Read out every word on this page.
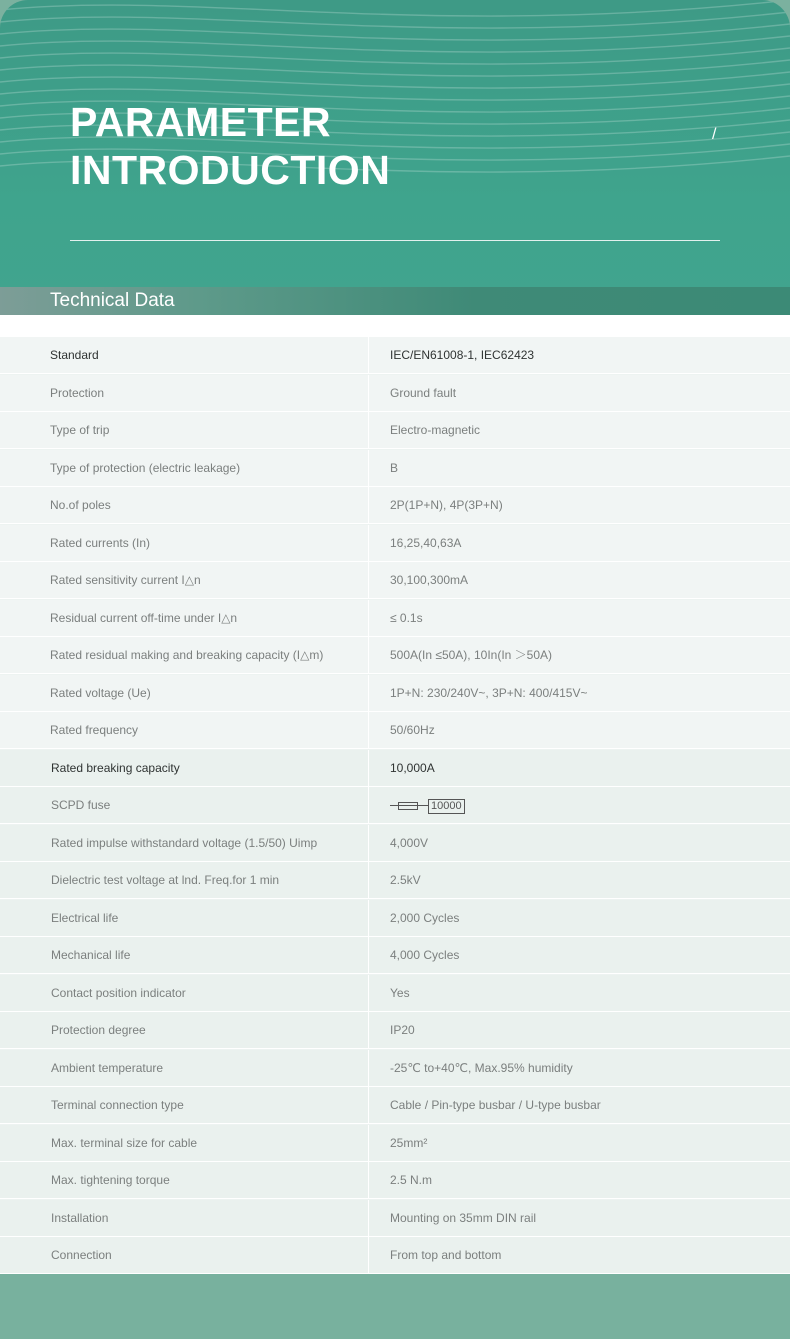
PARAMETER
INTRODUCTION
/
Technical Data
Standard	IEC/EN61008-1, IEC62423
Protection	Ground fault
Type of trip	Electro-magnetic
Type of protection (electric leakage)	B
No.of poles	2P(1P+N), 4P(3P+N)
Rated currents (In)	16,25,40,63A
Rated sensitivity current I△n	30,100,300mA
Residual current off-time under I△n	≤ 0.1s
Rated residual making and breaking capacity (I△m)	500A(In ≤50A), 10In(In ＞50A)
Rated voltage (Ue)	1P+N: 230/240V~, 3P+N: 400/415V~
Rated frequency	50/60Hz
Rated breaking capacity	10,000A
SCPD fuse	10000
Rated impulse withstandard voltage (1.5/50) Uimp	4,000V
Dielectric test voltage at lnd. Freq.for 1 min	2.5kV
Electrical life	2,000 Cycles
Mechanical life	4,000 Cycles
Contact position indicator	Yes
Protection degree	IP20
Ambient temperature	-25℃ to+40℃, Max.95% humidity
Terminal connection type	Cable / Pin-type busbar / U-type busbar
Max. terminal size for cable	25mm²
Max. tightening torque	2.5 N.m
Installation	Mounting on 35mm DIN rail
Connection	From top and bottom
